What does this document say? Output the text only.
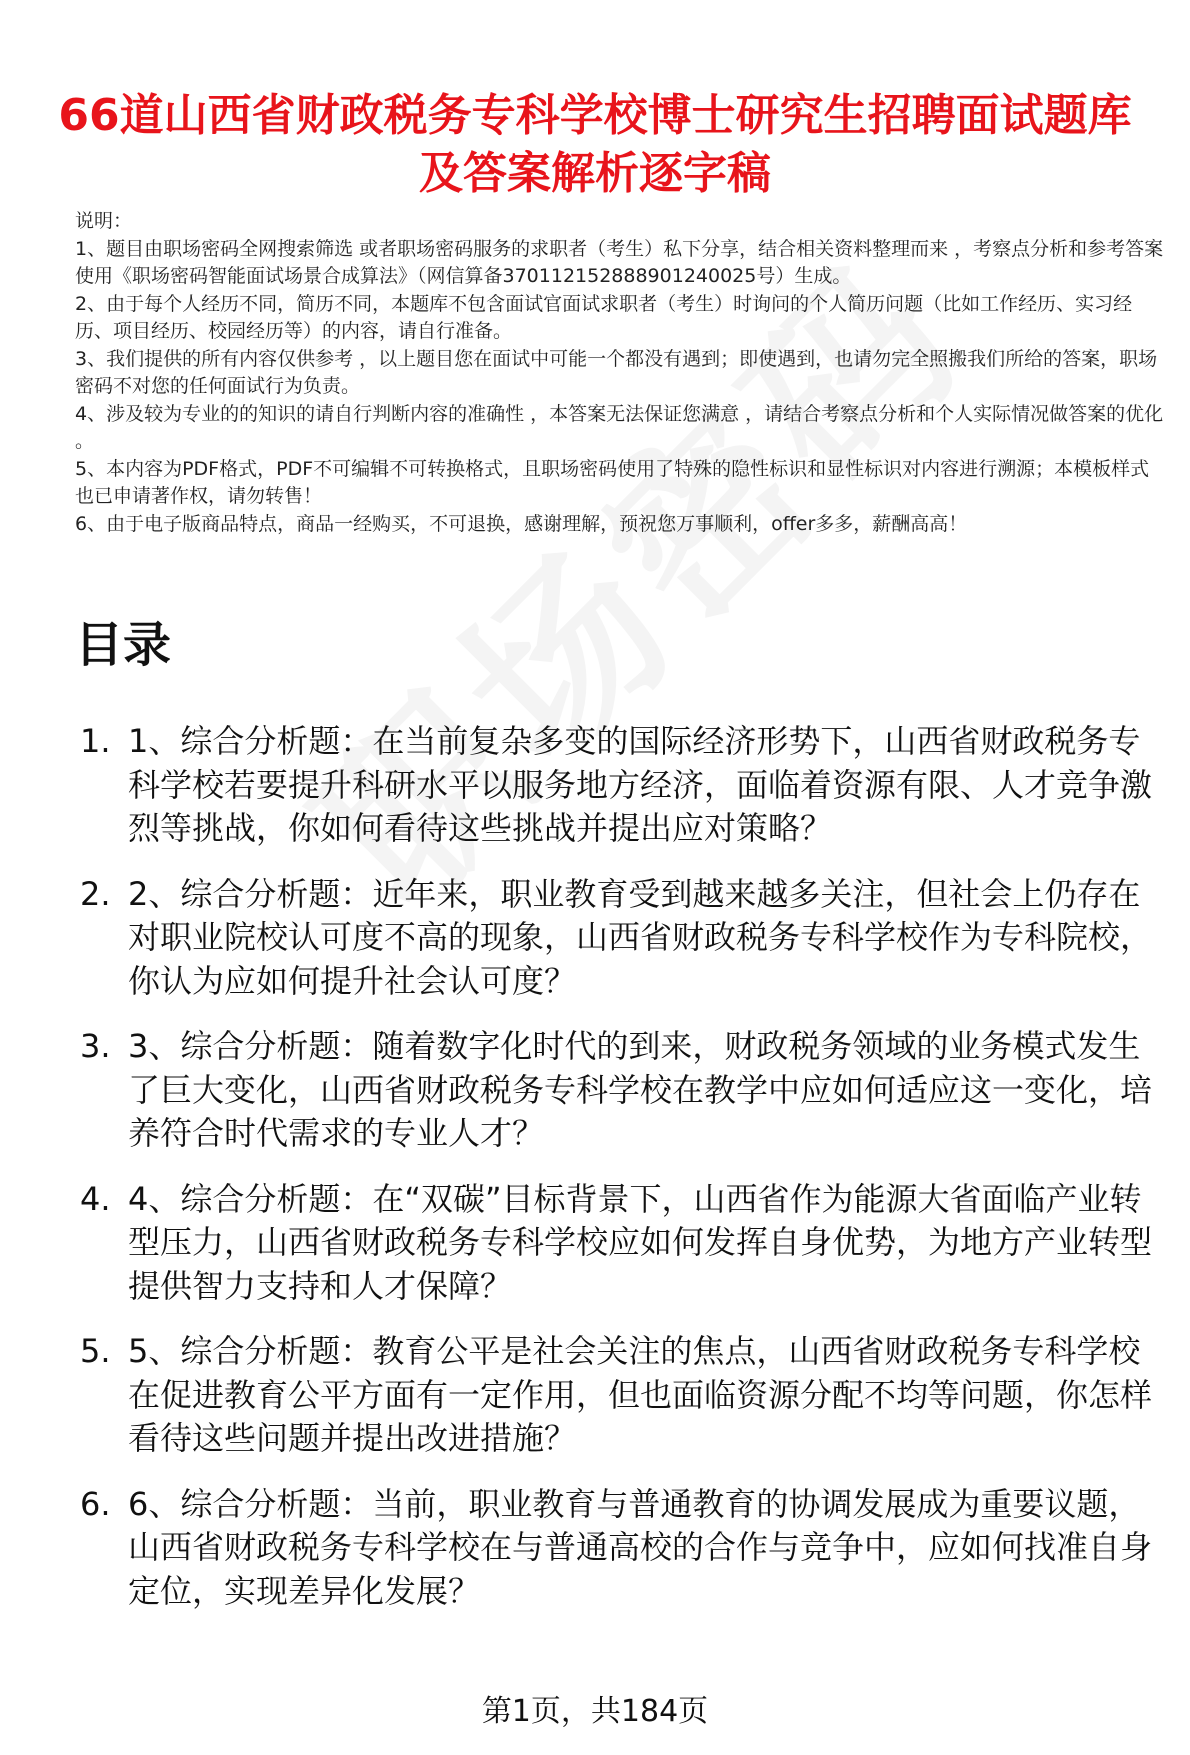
66道山西省财政税务专科学校博士研究生招聘面试题库及答案解析逐字稿

说明：

1、题目由职场密码全网搜索筛选 或者职场密码服务的求职者（考生）私下分享，结合相关资料整理而来 ，考察点分析和参考答案使用《职场密码智能面试场景合成算法》（网信算备370112152888901240025号）生成。

2、由于每个人经历不同，简历不同，本题库不包含面试官面试求职者（考生）时询问的个人简历问题（比如工作经历、实习经历、项目经历、校园经历等）的内容，请自行准备。

3、我们提供的所有内容仅供参考 ，以上题目您在面试中可能一个都没有遇到；即使遇到，也请勿完全照搬我们所给的答案，职场密码不对您的任何面试行为负责。

4、涉及较为专业的的知识的请自行判断内容的准确性 ，本答案无法保证您满意 ，请结合考察点分析和个人实际情况做答案的优化 。

5、本内容为PDF格式，PDF不可编辑不可转换格式，且职场密码使用了特殊的隐性标识和显性标识对内容进行溯源；本模板样式也已申请著作权，请勿转售！

6、由于电子版商品特点，商品一经购买，不可退换，感谢理解，预祝您万事顺利，offer多多，薪酬高高！

目录
1. 1、综合分析题：在当前复杂多变的国际经济形势下，山西省财政税务专科学校若要提升科研水平以服务地方经济，面临着资源有限、人才竞争激烈等挑战，你如何看待这些挑战并提出应对策略？
2. 2、综合分析题：近年来，职业教育受到越来越多关注，但社会上仍存在对职业院校认可度不高的现象，山西省财政税务专科学校作为专科院校，你认为应如何提升社会认可度？
3. 3、综合分析题：随着数字化时代的到来，财政税务领域的业务模式发生了巨大变化，山西省财政税务专科学校在教学中应如何适应这一变化，培养符合时代需求的专业人才？
4. 4、综合分析题：在“双碳”目标背景下，山西省作为能源大省面临产业转型压力，山西省财政税务专科学校应如何发挥自身优势，为地方产业转型提供智力支持和人才保障？
5. 5、综合分析题：教育公平是社会关注的焦点，山西省财政税务专科学校在促进教育公平方面有一定作用，但也面临资源分配不均等问题，你怎样看待这些问题并提出改进措施？
6. 6、综合分析题：当前，职业教育与普通教育的协调发展成为重要议题，山西省财政税务专科学校在与普通高校的合作与竞争中，应如何找准自身定位，实现差异化发展？
第1页，共184页
